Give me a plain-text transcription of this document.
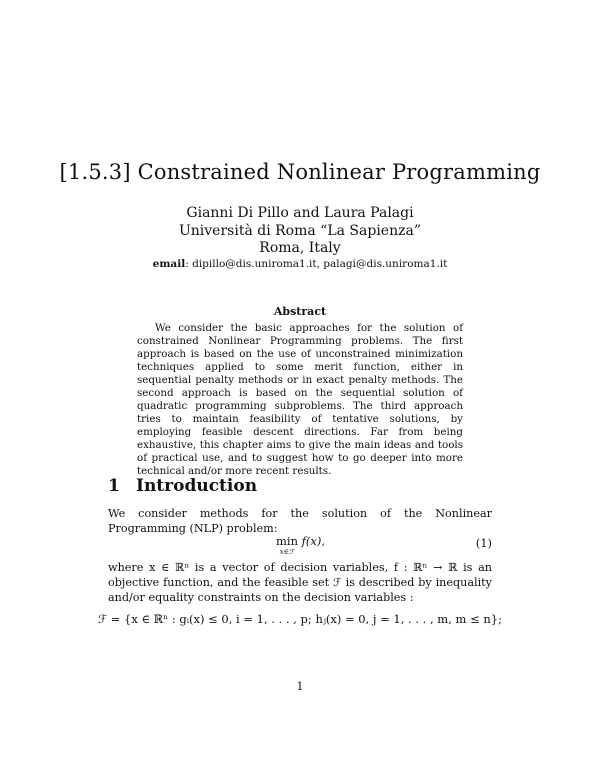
[1.5.3] Constrained Nonlinear Programming
Gianni Di Pillo and Laura Palagi
Università di Roma “La Sapienza”
Roma, Italy
email: dipillo@dis.uniroma1.it, palagi@dis.uniroma1.it
Abstract

We consider the basic approaches for the solution of constrained Nonlinear Programming problems. The first approach is based on the use of unconstrained minimization techniques applied to some merit function, either in sequential penalty methods or in exact penalty methods. The second approach is based on the sequential solution of quadratic programming subproblems. The third approach tries to maintain feasibility of tentative solutions, by employing feasible descent directions. Far from being exhaustive, this chapter aims to give the main ideas and tools of practical use, and to suggest how to go deeper into more technical and/or more recent results.

1 Introduction

We consider methods for the solution of the Nonlinear Programming (NLP) problem:

min
x∈ℱ
f(x),	(1)

where x ∈ ℝⁿ is a vector of decision variables, f : ℝⁿ → ℝ is an objective function, and the feasible set ℱ is described by inequality and/or equality constraints on the decision variables :

ℱ = {x ∈ ℝⁿ : gᵢ(x) ≤ 0, i = 1, . . . , p; hⱼ(x) = 0, j = 1, . . . , m, m ≤ n};
1
